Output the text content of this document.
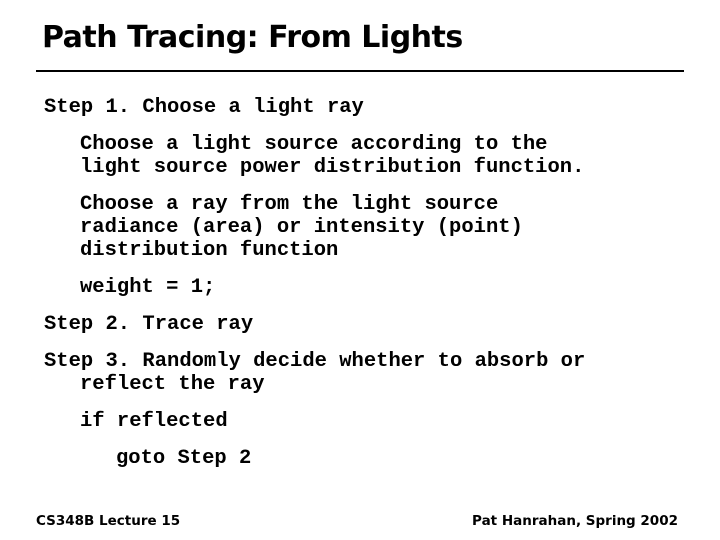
Path Tracing: From Lights
Step 1. Choose a light ray
Choose a light source according to the
light source power distribution function.
Choose a ray from the light source
radiance (area) or intensity (point)
distribution function
weight = 1;
Step 2. Trace ray
Step 3. Randomly decide whether to absorb or
reflect the ray
if reflected
goto Step 2
CS348B Lecture 15	Pat Hanrahan, Spring 2002
